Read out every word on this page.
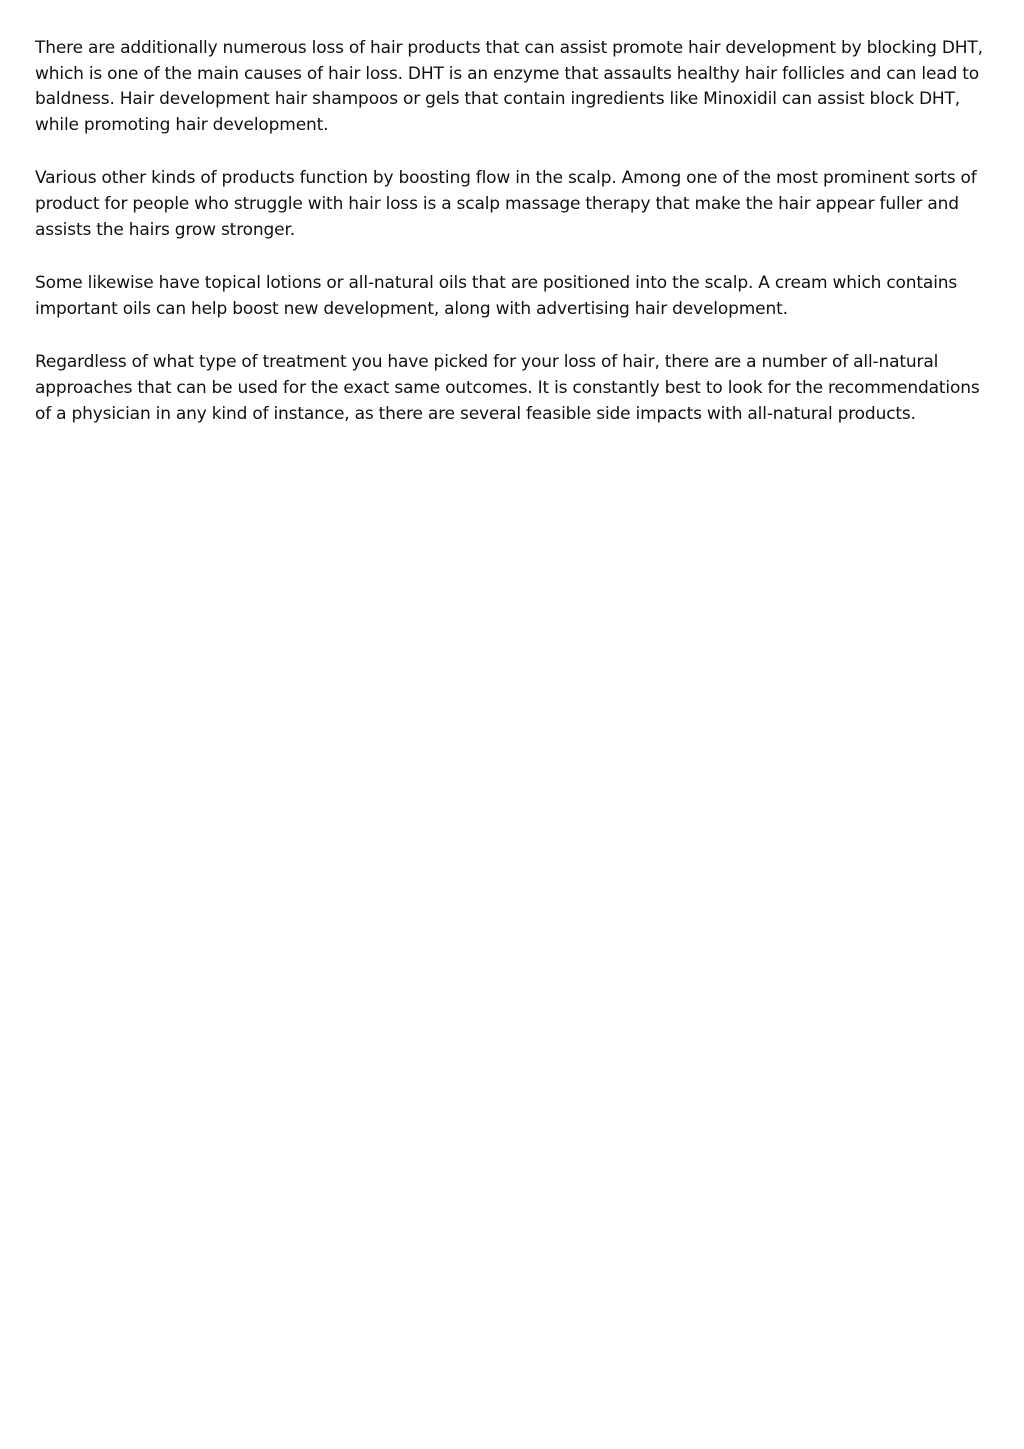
There are additionally numerous loss of hair products that can assist promote hair development by blocking DHT, which is one of the main causes of hair loss. DHT is an enzyme that assaults healthy hair follicles and can lead to baldness. Hair development hair shampoos or gels that contain ingredients like Minoxidil can assist block DHT, while promoting hair development.

Various other kinds of products function by boosting flow in the scalp. Among one of the most prominent sorts of product for people who struggle with hair loss is a scalp massage therapy that make the hair appear fuller and assists the hairs grow stronger.

Some likewise have topical lotions or all-natural oils that are positioned into the scalp. A cream which contains important oils can help boost new development, along with advertising hair development.

Regardless of what type of treatment you have picked for your loss of hair, there are a number of all-natural approaches that can be used for the exact same outcomes. It is constantly best to look for the recommendations of a physician in any kind of instance, as there are several feasible side impacts with all-natural products.
